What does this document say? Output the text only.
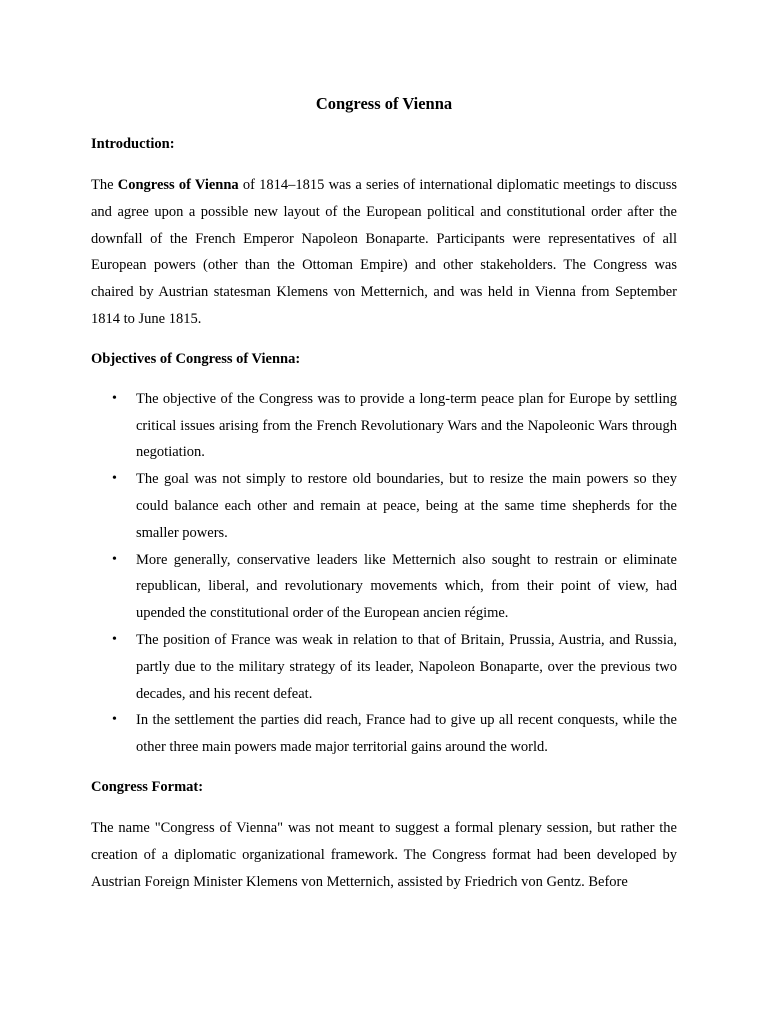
Congress of Vienna

Introduction:

The Congress of Vienna of 1814–1815 was a series of international diplomatic meetings to discuss and agree upon a possible new layout of the European political and constitutional order after the downfall of the French Emperor Napoleon Bonaparte. Participants were representatives of all European powers (other than the Ottoman Empire) and other stakeholders. The Congress was chaired by Austrian statesman Klemens von Metternich, and was held in Vienna from September 1814 to June 1815.

Objectives of Congress of Vienna:

• The objective of the Congress was to provide a long-term peace plan for Europe by settling critical issues arising from the French Revolutionary Wars and the Napoleonic Wars through negotiation.
• The goal was not simply to restore old boundaries, but to resize the main powers so they could balance each other and remain at peace, being at the same time shepherds for the smaller powers.
• More generally, conservative leaders like Metternich also sought to restrain or eliminate republican, liberal, and revolutionary movements which, from their point of view, had upended the constitutional order of the European ancien régime.
• The position of France was weak in relation to that of Britain, Prussia, Austria, and Russia, partly due to the military strategy of its leader, Napoleon Bonaparte, over the previous two decades, and his recent defeat.
• In the settlement the parties did reach, France had to give up all recent conquests, while the other three main powers made major territorial gains around the world.

Congress Format:

The name "Congress of Vienna" was not meant to suggest a formal plenary session, but rather the creation of a diplomatic organizational framework. The Congress format had been developed by Austrian Foreign Minister Klemens von Metternich, assisted by Friedrich von Gentz. Before
